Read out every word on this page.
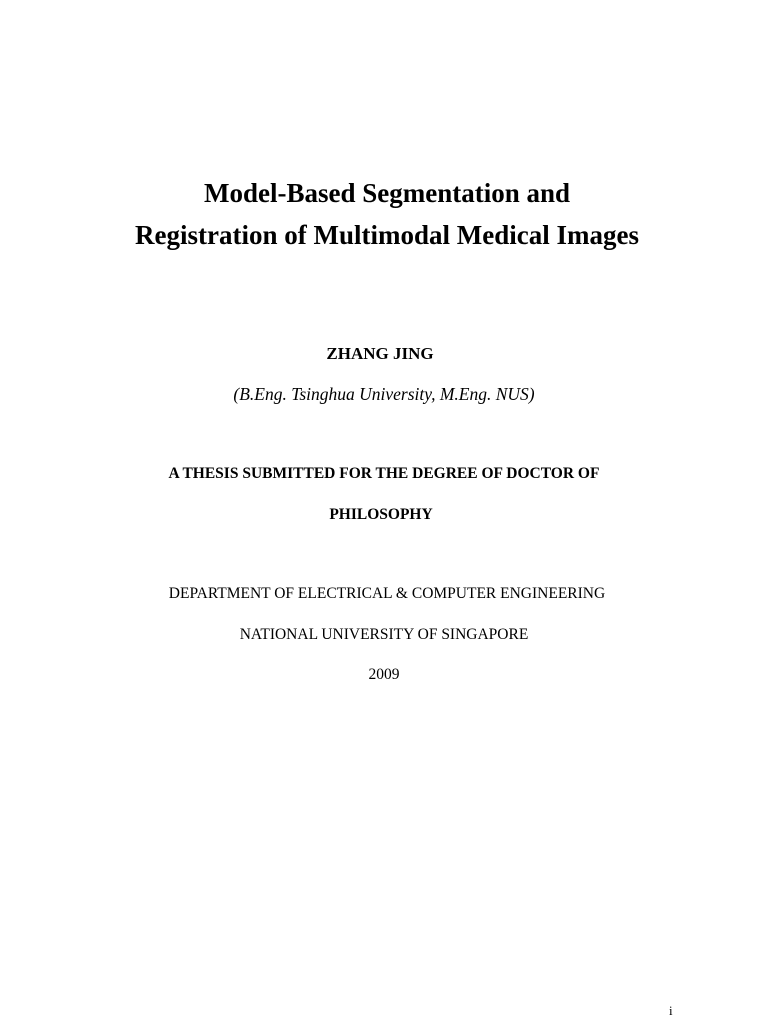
Model-Based Segmentation and
Registration of Multimodal Medical Images
ZHANG JING
(B.Eng. Tsinghua University, M.Eng. NUS)
A THESIS SUBMITTED FOR THE DEGREE OF DOCTOR OF
PHILOSOPHY
DEPARTMENT OF ELECTRICAL & COMPUTER ENGINEERING
NATIONAL UNIVERSITY OF SINGAPORE
2009
i
